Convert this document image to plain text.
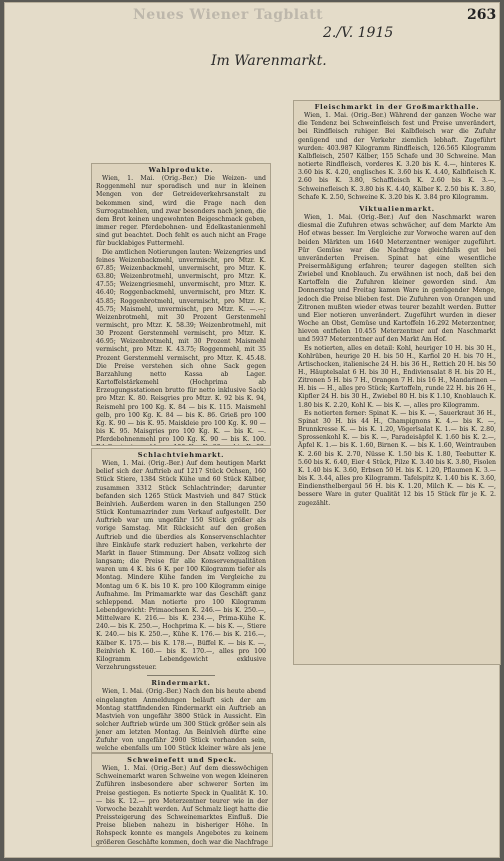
Neues Wiener Tagblatt	263
2./V. 1915
Im Warenmarkt.
Fleischmarkt in der Großmarkthalle.

Wien, 1. Mai. (Orig.-Ber.) Während der ganzen Woche war die Tendenz bei Schweinfleisch fest und Preise unverändert, bei Rindfleisch ruhiger. Bei Kalbfleisch war die Zufuhr genügend und der Verkehr ziemlich lebhaft. Zugeführt wurden: 403.987 Kilogramm Rindfleisch, 126.565 Kilogramm Kalbfleisch, 2507 Kälber, 155 Schafe und 30 Schweine. Man notierte Rindfleisch, vorderes K. 3.20 bis K. 4.—, hinteres K. 3.60 bis K. 4.20, englisches K. 3.60 bis K. 4.40, Kalbfleisch K. 2.60 bis K. 3.80, Schaffleisch K. 2.60 bis K. 3.—, Schweinefleisch K. 3.80 bis K. 4.40, Kälber K. 2.50 bis K. 3.80, Schafe K. 2.50, Schweine K. 3.20 bis K. 3.84 pro Kilogramm.

Viktualienmarkt.

Wien, 1. Mai. (Orig.-Ber.) Auf den Naschmarkt waren diesmal die Zufuhren etwas schwächer, auf dem Markte Am Hof etwas besser. Im Vergleiche zur Vorwoche waren auf den beiden Märkten um 1640 Meterzentner weniger zugeführt. Für Gemüse war die Nachfrage gleichfalls gut bei unveränderten Preisen. Spinat hat eine wesentliche Preisermäßigung erfahren; teurer dagegen stellten sich Zwiebel und Knoblauch. Zu erwähnen ist noch, daß bei den Kartoffeln die Zufuhren kleiner geworden sind. Am Donnerstag und Freitag kamen Ware in genügender Menge, jedoch die Preise blieben fest. Die Zufuhren von Orangen und Zitronen mußten wieder etwas teurer bezahlt werden. Butter und Eier notieren unverändert. Zugeführt wurden in dieser Woche an Obst, Gemüse und Kartoffeln 16.292 Meterzentner, hievon entfielen 10.455 Meterzentner auf den Naschmarkt und 5937 Meterzentner auf den Markt Am Hof.

Es notierten, alles en detail: Kohl, heuriger 10 H. bis 30 H., Kohlrüben, heurige 20 H. bis 50 H., Karfiol 20 H. bis 70 H., Artischocken, italienische 24 H. bis 36 H., Rettich 20 H. bis 50 H., Häuptelsalat 6 H. bis 30 H., Endiviensalat 8 H. bis 20 H., Zitronen 5 H. bis 7 H., Orangen 7 H. bis 16 H., Mandarinen — H. bis — H., alles pro Stück; Kartoffeln, runde 22 H. bis 26 H., Kipfler 24 H. bis 30 H., Zwiebel 80 H. bis K 1.10, Knoblauch K. 1.80 bis K. 2.20, Kohl K. — bis K. —, alles pro Kilogramm.

Es notierten ferner: Spinat K. — bis K. —, Sauerkraut 36 H., Spinat 30 H. bis 44 H., Champignons K. 4.— bis K. —, Brunnkresse K. — bis K. 1.20, Vögerlsalat K. 1.— bis K. 2.80, Sprossenkohl K. — bis K. —, Paradeisäpfel K. 1.60 bis K. 2.—, Äpfel K. 1.— bis K. 1.60, Birnen K. — bis K. 1.60, Weintrauben K. 2.60 bis K. 2.70, Nüsse K. 1.50 bis K. 1.80, Teebutter K. 5.60 bis K. 6.40, Eier 4 Stück, Pilze K. 3.40 bis K. 3.80, Fisolen K. 1.40 bis K. 3.60, Erbsen 50 H. bis K. 1.20, Pflaumen K. 3.— bis K. 3.44, alles pro Kilogramm. Tafelspitz K. 1.40 bis K. 3.60, Eindiensthelbergaul 56 H. bis K. 1.20, Milch K. — bis K. —, bessere Ware in guter Qualität 12 bis 15 Stück für je K. 2. zugezählt.

Wahlprodukte.

Wien, 1. Mai. (Orig.-Ber.) Die Weizen- und Roggenmehl nur sporadisch und nur in kleinen Mengen von der Getreideverkehrsanstalt zu bekommen sind, wird die Frage nach den Surrogatmehlen, und zwar besonders nach jenen, die dem Brot keinen ungewohnten Beigeschmack geben, immer reger. Pferdebohnen- und Edelkastanienmehl sind gut beachtet. Doch fehlt es auch nicht an Frage für bucklabiges Futtermehl.

Die amtlichen Notierungen lauten: Weizengries und feines Weizenbackmehl, unvermischt, pro Mtzr. K. 67.85; Weizenbackmehl, unvermischt, pro Mtzr. K. 63.80; Weizenbrotmehl, unvermischt, pro Mtzr. K. 47.55; Weizengriesmehl, unvermischt, pro Mtzr. K. 46.40; Roggenbackmehl, unvermischt, pro Mtzr. K. 45.85; Roggenbrotmehl, unvermischt, pro Mtzr. K. 45.75; Maismehl, unvermischt, pro Mtzr. K. —.—; Weizenbrotmehl, mit 30 Prozent Gerstenmehl vermischt, pro Mtzr. K. 58.39; Weizenbrotmehl, mit 30 Prozent Gerstenmehl vermischt, pro Mtzr. K. 46.95; Weizenbrotmehl, mit 30 Prozent Maismehl vermischt, pro Mtzr. K. 43.75; Roggenmehl, mit 35 Prozent Gerstenmehl vermischt, pro Mtzr. K. 45.48. Die Preise verstehen sich ohne Sack gegen Barzahlung netto Kassa ab Lager. Kartoffelstärkemehl (Hochprima ab Erzeugungsstationen brutto für netto inklusive Sack) pro Mtzr. K. 80. Reisgries pro Mtzr. K. 92 bis K. 94, Reismehl pro 100 Kg. K. 84 — bis K. 115. Maismehl gelb, pro 100 Kg. K. 84 — bis K. 86. Grieß pro 100 Kg. K. 90 — bis K. 95. Maiskleie pro 100 Kg. K. 90 — bis K. 95. Maisgries pro 100 Kg. K. — bis K. —. Pferdebohnenmehl pro 100 Kg. K. 90 — bis K. 100.

Schlachtviehmarkt.

Wien, 1. Mai. (Orig.-Ber.) Auf dem heutigen Markt belief sich der Auftrieb auf 1217 Stück Ochsen, 160 Stück Stiere, 1384 Stück Kühe und 60 Stück Kälber, zusammen 3312 Stück Schlachtrinder; darunter befanden sich 1265 Stück Mastvieh und 847 Stück Beinlvieh. Außerdem waren in den Stallungen 250 Stück Kontumazrinder zum Verkauf aufgestellt. Der Auftrieb war um ungefähr 150 Stück größer als vorige Samstag. Mit Rücksicht auf den großen Auftrieb und die überdies als Konservenschlachter ihre Einkäufe stark reduziert haben, verkehrte der Markt in flauer Stimmung. Der Absatz vollzog sich langsam; die Preise für alle Konservenqualitäten waren um 4 K. bis 6 K. per 100 Kilogramm tiefer als Montag. Mindere Kühe fanden im Vergleiche zu Montag um 6 K. bis 10 K. pro 100 Kilogramm einige Aufnahme. Im Primamarkte war das Geschäft ganz schleppend. Man notierte pro 100 Kilogramm Lebendgewicht: Primaochsen K. 246.— bis K. 250.—, Mittelware K. 216.— bis K. 234.—, Prima-Kühe K. 240.— bis K. 250.—, Hochprima K. — bis K. —, Stiere K. 240.— bis K. 250.—, Kühe K. 176.— bis K. 216.—, Kälber K. 175.— bis K. 178.—, Büffel K. — bis K. —, Beinlvieh K. 160.— bis K. 170.—, alles pro 100 Kilogramm Lebendgewicht exklusive Verzehrungssteuer.

Rindermarkt.

Wien, 1. Mai. (Orig.-Ber.) Nach den bis heute abend eingelangten Anmeldungen beläuft sich der am Montag stattfindenden Rindermarkt ein Auftrieb an Mastvieh von ungefähr 3800 Stück in Aussicht. Ein solcher Auftrieb würde um 300 Stück größer sein als jener am letzten Montag. An Beinlvieh dürfte eine Zufuhr von ungefähr 2900 Stück vorhanden sein, welche ebenfalls um 100 Stück kleiner wäre als jene

Schweinefett und Speck.

Wien, 1. Mai. (Orig.-Ber.) Auf dem diesswöchigen Schweinemarkt waren Schweine von wegen kleineren Zuführen insbesondere aber schwerer Sorten im Preise gestiegen. Es notierte Speck in Qualität K. 10.— bis K. 12.— pro Meterzentner teurer wie in der Vorwoche bezahlt werden. Auf Schmalz liegt hatte die Preissteigerung des Schweinemarktes Einfluß. Die Preise blieben nahezu in bisheriger Höhe. In Rohspeck konnte es mangels Angebotes zu keinem größeren Geschäfte kommen, doch war die Nachfrage
